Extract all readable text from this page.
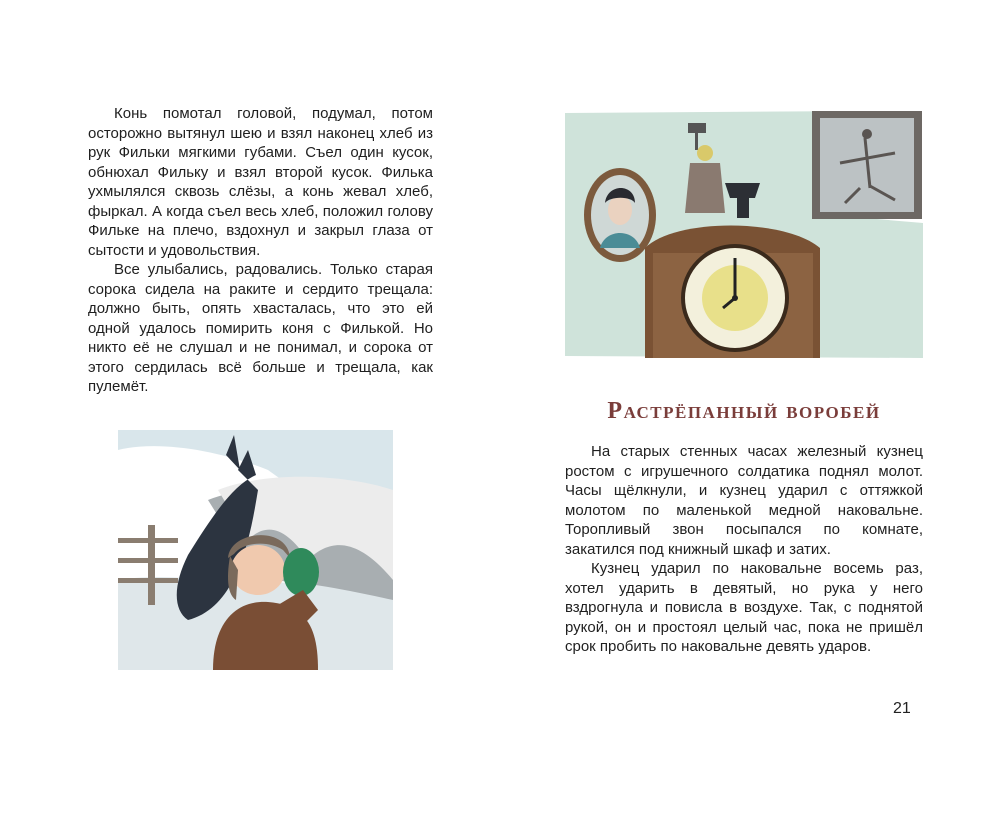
Конь помотал головой, подумал, потом осторожно вытянул шею и взял наконец хлеб из рук Фильки мягкими губами. Съел один кусок, обнюхал Фильку и взял второй кусок. Филька ухмылялся сквозь слёзы, а конь жевал хлеб, фыркал. А когда съел весь хлеб, положил голову Фильке на плечо, вздохнул и закрыл глаза от сытости и удовольствия.

Все улыбались, радовались. Только старая сорока сидела на раките и сердито трещала: должно быть, опять хвасталась, что это ей одной удалось помирить коня с Филькой. Но никто её не слушал и не понимал, и сорока от этого сердилась всё больше и трещала, как пулемёт.

Растрёпанный воробей

На старых стенных часах железный кузнец ростом с игрушечного солдатика поднял молот. Часы щёлкнули, и кузнец ударил с оттяжкой молотом по маленькой медной наковальне. Торопливый звон посыпался по комнате, закатился под книжный шкаф и затих.

Кузнец ударил по наковальне восемь раз, хотел ударить в девятый, но рука у него вздрогнула и повисла в воздухе. Так, с поднятой рукой, он и простоял целый час, пока не пришёл срок пробить по наковальне девять ударов.

21
